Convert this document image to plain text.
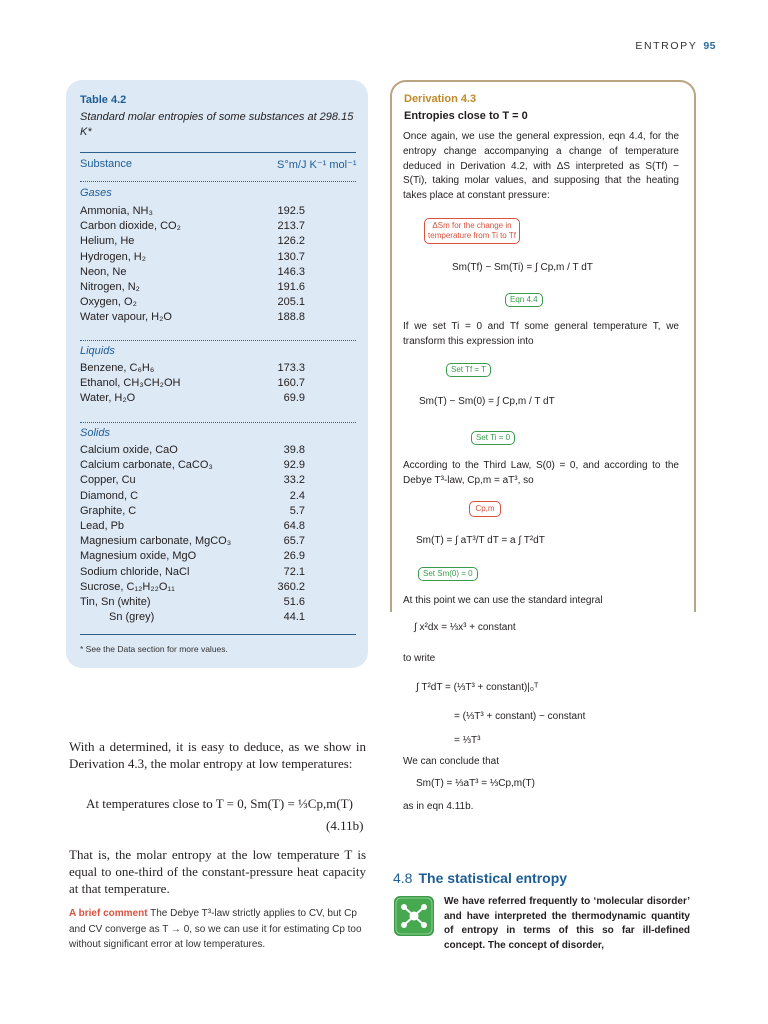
ENTROPY 95
Table 4.2
Standard molar entropies of some substances at 298.15 K*
Substance	S°m/J K⁻¹ mol⁻¹
Gases
Ammonia, NH₃	192.5
Carbon dioxide, CO₂	213.7
Helium, He	126.2
Hydrogen, H₂	130.7
Neon, Ne	146.3
Nitrogen, N₂	191.6
Oxygen, O₂	205.1
Water vapour, H₂O	188.8
Liquids
Benzene, C₆H₆	173.3
Ethanol, CH₃CH₂OH	160.7
Water, H₂O	69.9
Solids
Calcium oxide, CaO	39.8
Calcium carbonate, CaCO₃	92.9
Copper, Cu	33.2
Diamond, C	2.4
Graphite, C	5.7
Lead, Pb	64.8
Magnesium carbonate, MgCO₃	65.7
Magnesium oxide, MgO	26.9
Sodium chloride, NaCl	72.1
Sucrose, C₁₂H₂₂O₁₁	360.2
Tin, Sn (white)	51.6
Sn (grey)	44.1
* See the Data section for more values.
Derivation 4.3
Entropies close to T = 0
Once again, we use the general expression, eqn 4.4, for the entropy change accompanying a change of temperature deduced in Derivation 4.2, with ΔS interpreted as S(Tf) − S(Ti), taking molar values, and supposing that the heating takes place at constant pressure:
ΔSm for the change in temperature from Ti to Tf
Sm(Tf) − Sm(Ti) = ∫ Cp,m / T dT
Eqn 4.4
If we set Ti = 0 and Tf some general temperature T, we transform this expression into
Set Tf = T
Sm(T) − Sm(0) = ∫ Cp,m / T dT
Set Ti = 0
According to the Third Law, S(0) = 0, and according to the Debye T³-law, Cp,m = aT³, so
Cp,m
Sm(T) = ∫ aT³/T dT = a ∫ T²dT
Set Sm(0) = 0
At this point we can use the standard integral
∫ x²dx = ⅓x³ + constant
to write
∫ T²dT = (⅓T³ + constant)|₀ᵀ
= (⅓T³ + constant) − constant
= ⅓T³
We can conclude that
Sm(T) = ⅓aT³ = ⅓Cp,m(T)
as in eqn 4.11b.
With a determined, it is easy to deduce, as we show in Derivation 4.3, the molar entropy at low temperatures:
At temperatures close to T = 0, Sm(T) = ⅓Cp,m(T)
(4.11b)
That is, the molar entropy at the low temperature T is equal to one-third of the constant-pressure heat capacity at that temperature.
A brief comment The Debye T³-law strictly applies to CV, but Cp and CV converge as T → 0, so we can use it for estimating Cp too without significant error at low temperatures.
4.8 The statistical entropy
We have referred frequently to ‘molecular disorder’ and have interpreted the thermodynamic quantity of entropy in terms of this so far ill-defined concept. The concept of disorder,
